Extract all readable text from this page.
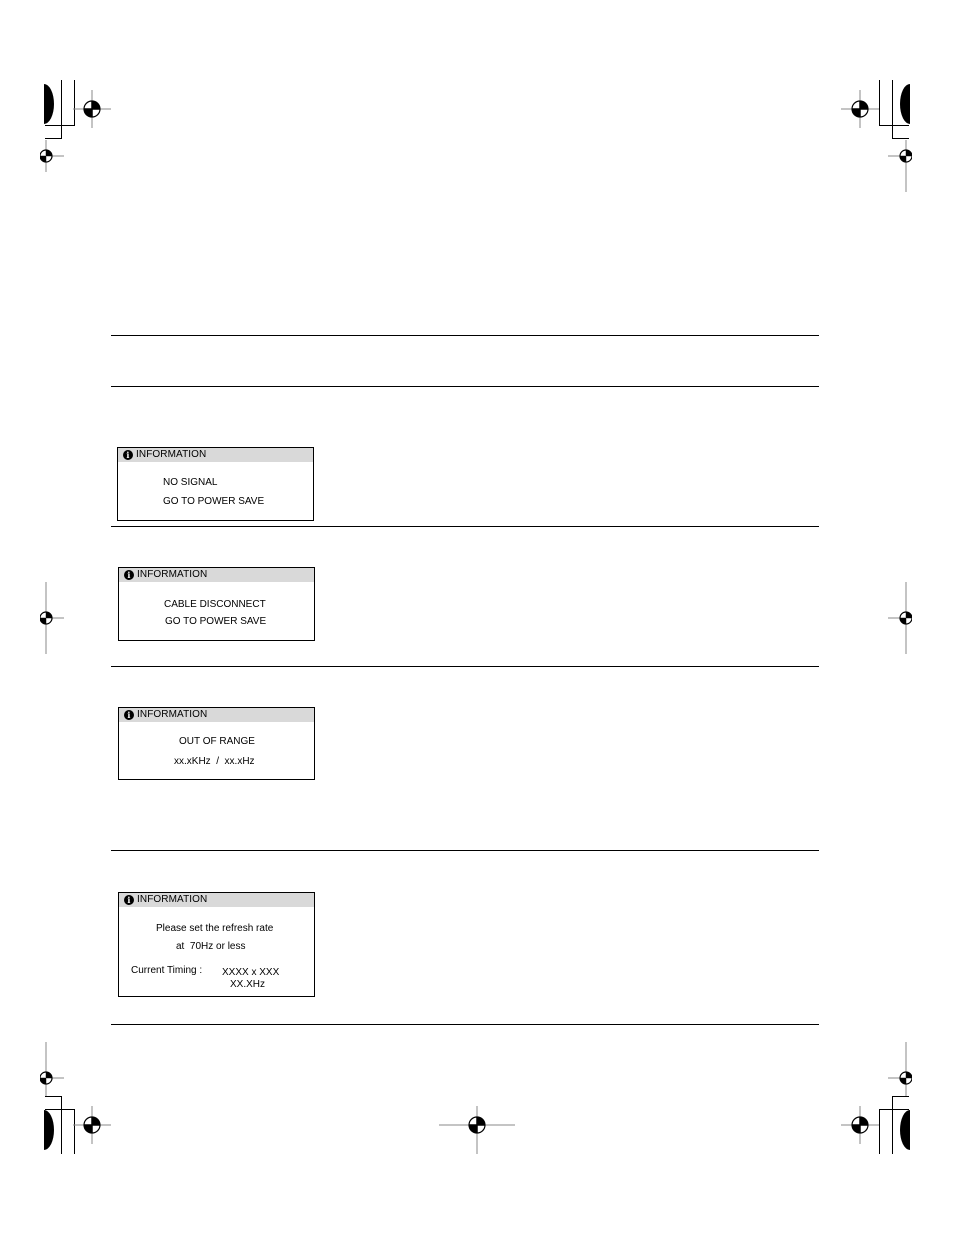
i INFORMATION
NO SIGNAL
GO TO POWER SAVE
i INFORMATION
CABLE DISCONNECT
GO TO POWER SAVE
i INFORMATION
OUT OF RANGE
xx.xKHz  /  xx.xHz
i INFORMATION
Please set the refresh rate
at  70Hz or less
Current Timing : XXXX x XXX
XX.XHz
